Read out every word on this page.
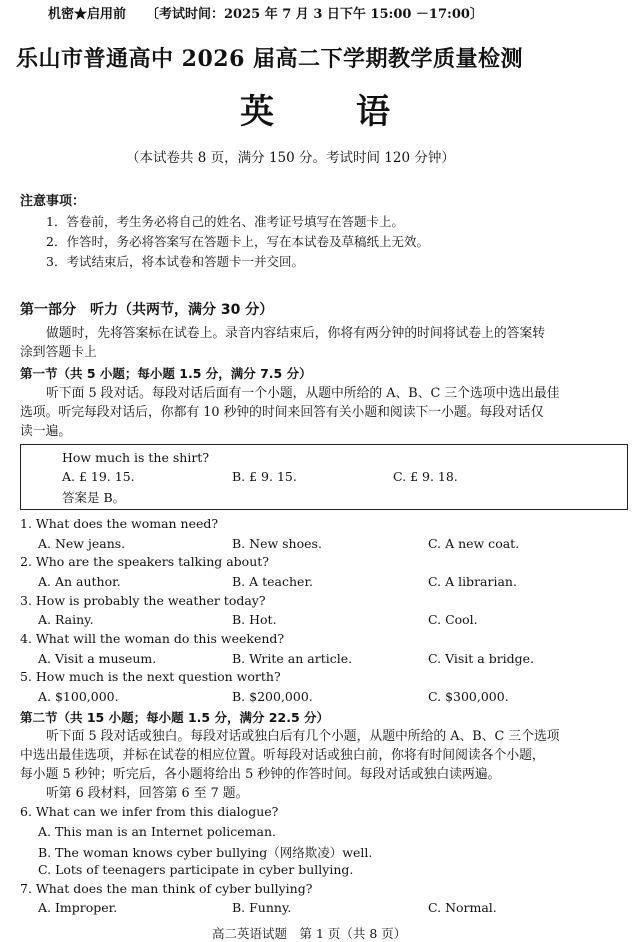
机密★启用前 〔考试时间：2025 年 7 月 3 日下午 15:00 －17:00〕
乐山市普通高中 2026 届高二下学期教学质量检测
英 语
（本试卷共 8 页，满分 150 分。考试时间 120 分钟）
注意事项：
1．答卷前，考生务必将自己的姓名、准考证号填写在答题卡上。
2．作答时，务必将答案写在答题卡上，写在本试卷及草稿纸上无效。
3．考试结束后，将本试卷和答题卡一并交回。
第一部分　听力（共两节，满分 30 分）
做题时，先将答案标在试卷上。录音内容结束后，你将有两分钟的时间将试卷上的答案转
涂到答题卡上
第一节（共 5 小题；每小题 1.5 分，满分 7.5 分）
听下面 5 段对话。每段对话后面有一个小题，从题中所给的 A、B、C 三个选项中选出最佳
选项。听完每段对话后，你都有 10 秒钟的时间来回答有关小题和阅读下一小题。每段对话仅
读一遍。
How much is the shirt?
A. £ 19. 15.	B. £ 9. 15.	C. £ 9. 18.
答案是 B。
1. What does the woman need?
A. New jeans.	B. New shoes.	C. A new coat.
2. Who are the speakers talking about?
A. An author.	B. A teacher.	C. A librarian.
3. How is probably the weather today?
A. Rainy.	B. Hot.	C. Cool.
4. What will the woman do this weekend?
A. Visit a museum.	B. Write an article.	C. Visit a bridge.
5. How much is the next question worth?
A. $100,000.	B. $200,000.	C. $300,000.
第二节（共 15 小题；每小题 1.5 分，满分 22.5 分）
听下面 5 段对话或独白。每段对话或独白后有几个小题，从题中所给的 A、B、C 三个选项
中选出最佳选项，并标在试卷的相应位置。听每段对话或独白前，你将有时间阅读各个小题，
每小题 5 秒钟；听完后，各小题将给出 5 秒钟的作答时间。每段对话或独白读两遍。
听第 6 段材料，回答第 6 至 7 题。
6. What can we infer from this dialogue?
A. This man is an Internet policeman.
B. The woman knows cyber bullying（网络欺凌）well.
C. Lots of teenagers participate in cyber bullying.
7. What does the man think of cyber bullying?
A. Improper.	B. Funny.	C. Normal.
高二英语试题　第 1 页（共 8 页）
